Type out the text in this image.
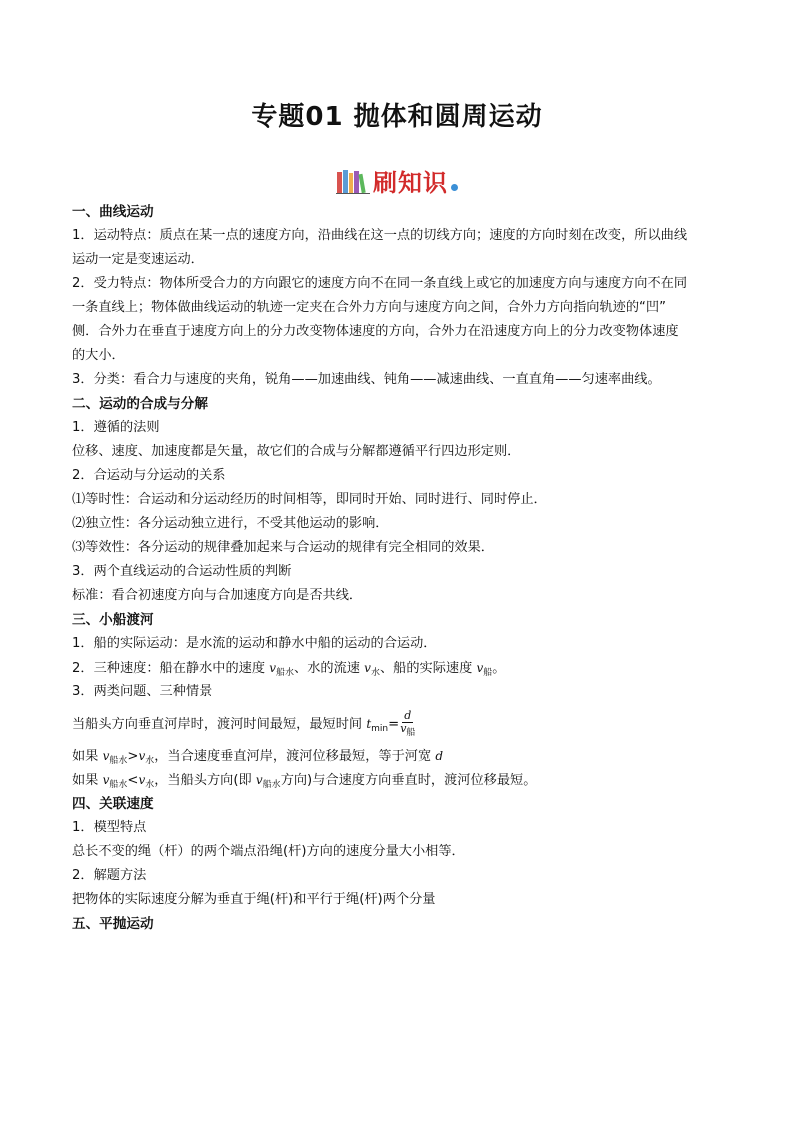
专题01 抛体和圆周运动
刷知识
一、曲线运动
1．运动特点：质点在某一点的速度方向，沿曲线在这一点的切线方向；速度的方向时刻在改变，所以曲线
运动一定是变速运动．
2．受力特点：物体所受合力的方向跟它的速度方向不在同一条直线上或它的加速度方向与速度方向不在同
一条直线上；物体做曲线运动的轨迹一定夹在合外力方向与速度方向之间，合外力方向指向轨迹的“凹”
侧．合外力在垂直于速度方向上的分力改变物体速度的方向，合外力在沿速度方向上的分力改变物体速度
的大小．
3．分类：看合力与速度的夹角，锐角——加速曲线、钝角——减速曲线、一直直角——匀速率曲线。
二、运动的合成与分解
1．遵循的法则
位移、速度、加速度都是矢量，故它们的合成与分解都遵循平行四边形定则．
2．合运动与分运动的关系
⑴等时性：合运动和分运动经历的时间相等，即同时开始、同时进行、同时停止．
⑵独立性：各分运动独立进行，不受其他运动的影响．
⑶等效性：各分运动的规律叠加起来与合运动的规律有完全相同的效果．
3．两个直线运动的合运动性质的判断
标准：看合初速度方向与合加速度方向是否共线．
三、小船渡河
1．船的实际运动：是水流的运动和静水中船的运动的合运动．
2．三种速度：船在静水中的速度 $v_{船水}$、水的流速 $v_水$、船的实际速度 $v_船$。
3．两类问题、三种情景
当船头方向垂直河岸时，渡河时间最短，最短时间 $t_{min}= \frac{d}{v_船}$
如果 $v_{船水}>v_水$，当合速度垂直河岸，渡河位移最短，等于河宽 d
如果 $v_{船水}<v_水$，当船头方向(即 $v_{船水}$方向)与合速度方向垂直时，渡河位移最短。
四、关联速度
1．模型特点
总长不变的绳（杆）的两个端点沿绳(杆)方向的速度分量大小相等．
2．解题方法
把物体的实际速度分解为垂直于绳(杆)和平行于绳(杆)两个分量
五、平抛运动
